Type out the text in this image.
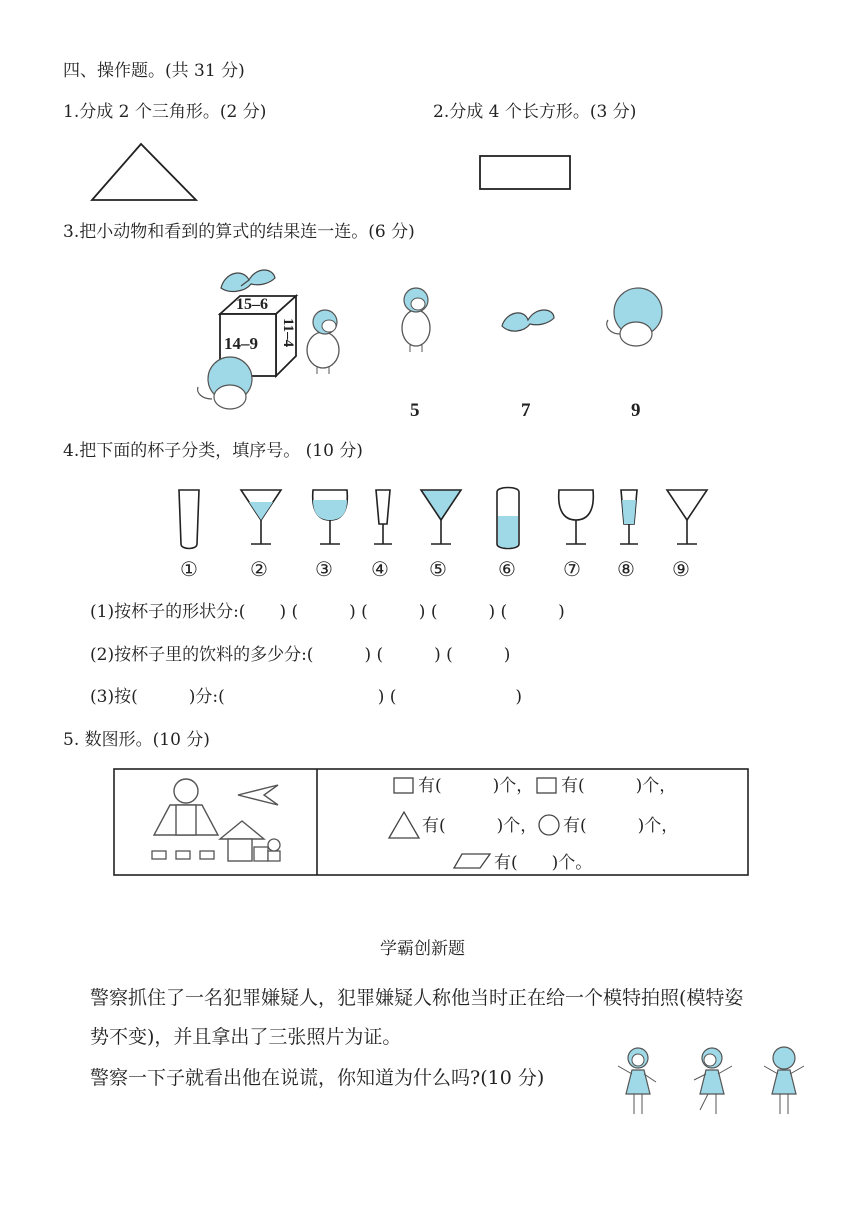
四、操作题。(共 31 分)
1.分成 2 个三角形。(2 分)	2.分成 4 个长方形。(3 分)
3.把小动物和看到的算式的结果连一连。(6 分)
15–6
14–9 11–4
5	7	9
4.把下面的杯子分类，填序号。 (10 分)
①	② ③ ④ ⑤	⑥ ⑦ ⑧ ⑨
(1)按杯子的形状分:(　　) (　　　) (　　　) (　　　) (　　　)
(2)按杯子里的饮料的多少分:(　　　) (　　　) (　　　)
(3)按(　　　)分:(　　　　　　　　　) (　　　　　　　)
5. 数图形。(10 分)
有(　　　)个， 有(　　　)个，
有(　　　)个， 有(　　　)个，
有(　　)个。
学霸创新题
警察抓住了一名犯罪嫌疑人，犯罪嫌疑人称他当时正在给一个模特拍照(模特姿
势不变)，并且拿出了三张照片为证。
警察一下子就看出他在说谎，你知道为什么吗?(10 分)
